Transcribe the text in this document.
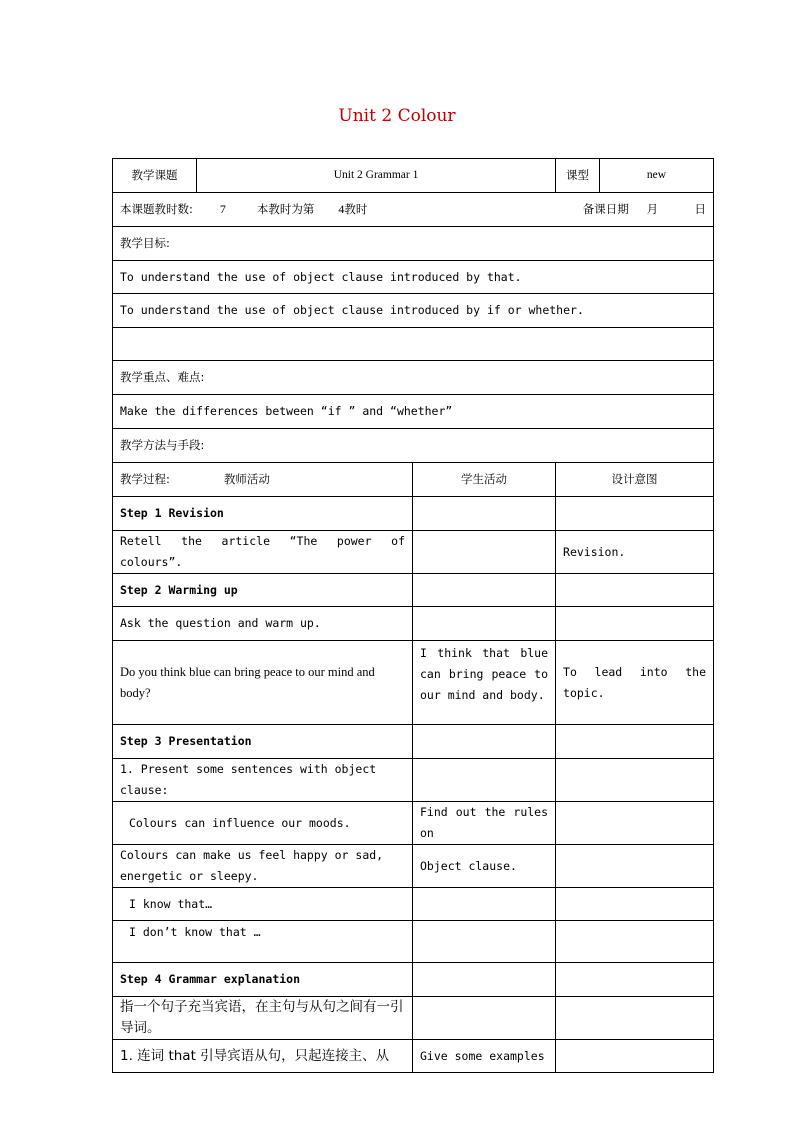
Unit 2 Colour
教学课题	Unit 2 Grammar 1		课型	new
本课题教时数: 7 本教时为第 4教时 备课日期 月 日				

教学目标:				
To understand the use of object clause introduced by that.				
To understand the use of object clause introduced by if or whether.				

教学重点、难点:				
Make the differences between “if ” and “whether”				
教学方法与手段:				
教学过程: 教师活动		学生活动	设计意图	
Step 1 Revision				
Retell the article “The power of colours”.			Revision.	
Step 2 Warming up				
Ask the question and warm up.				
Do you think blue can bring peace to our mind and body?		I think that blue can bring peace to our mind and body.	To lead into the topic.	
Step 3 Presentation				
1. Present some sentences with object clause:				
Colours can influence our moods.		Find out the rules on		
Colours can make us feel happy or sad, energetic or sleepy.		Object clause.		
I know that…				
I don’t know that …				
Step 4 Grammar explanation				
指一个句子充当宾语，在主句与从句之间有一引导词。				
1. 连词 that 引导宾语从句，只起连接主、从		Give some examples		
